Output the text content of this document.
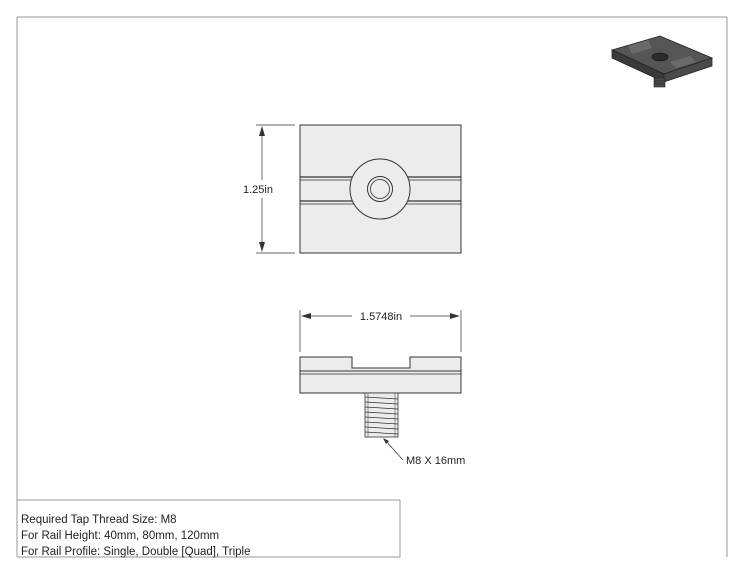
1.25in
1.5748in
M8 X 16mm
Required Tap Thread Size: M8
For Rail Height: 40mm, 80mm, 120mm
For Rail Profile: Single, Double [Quad], Triple
